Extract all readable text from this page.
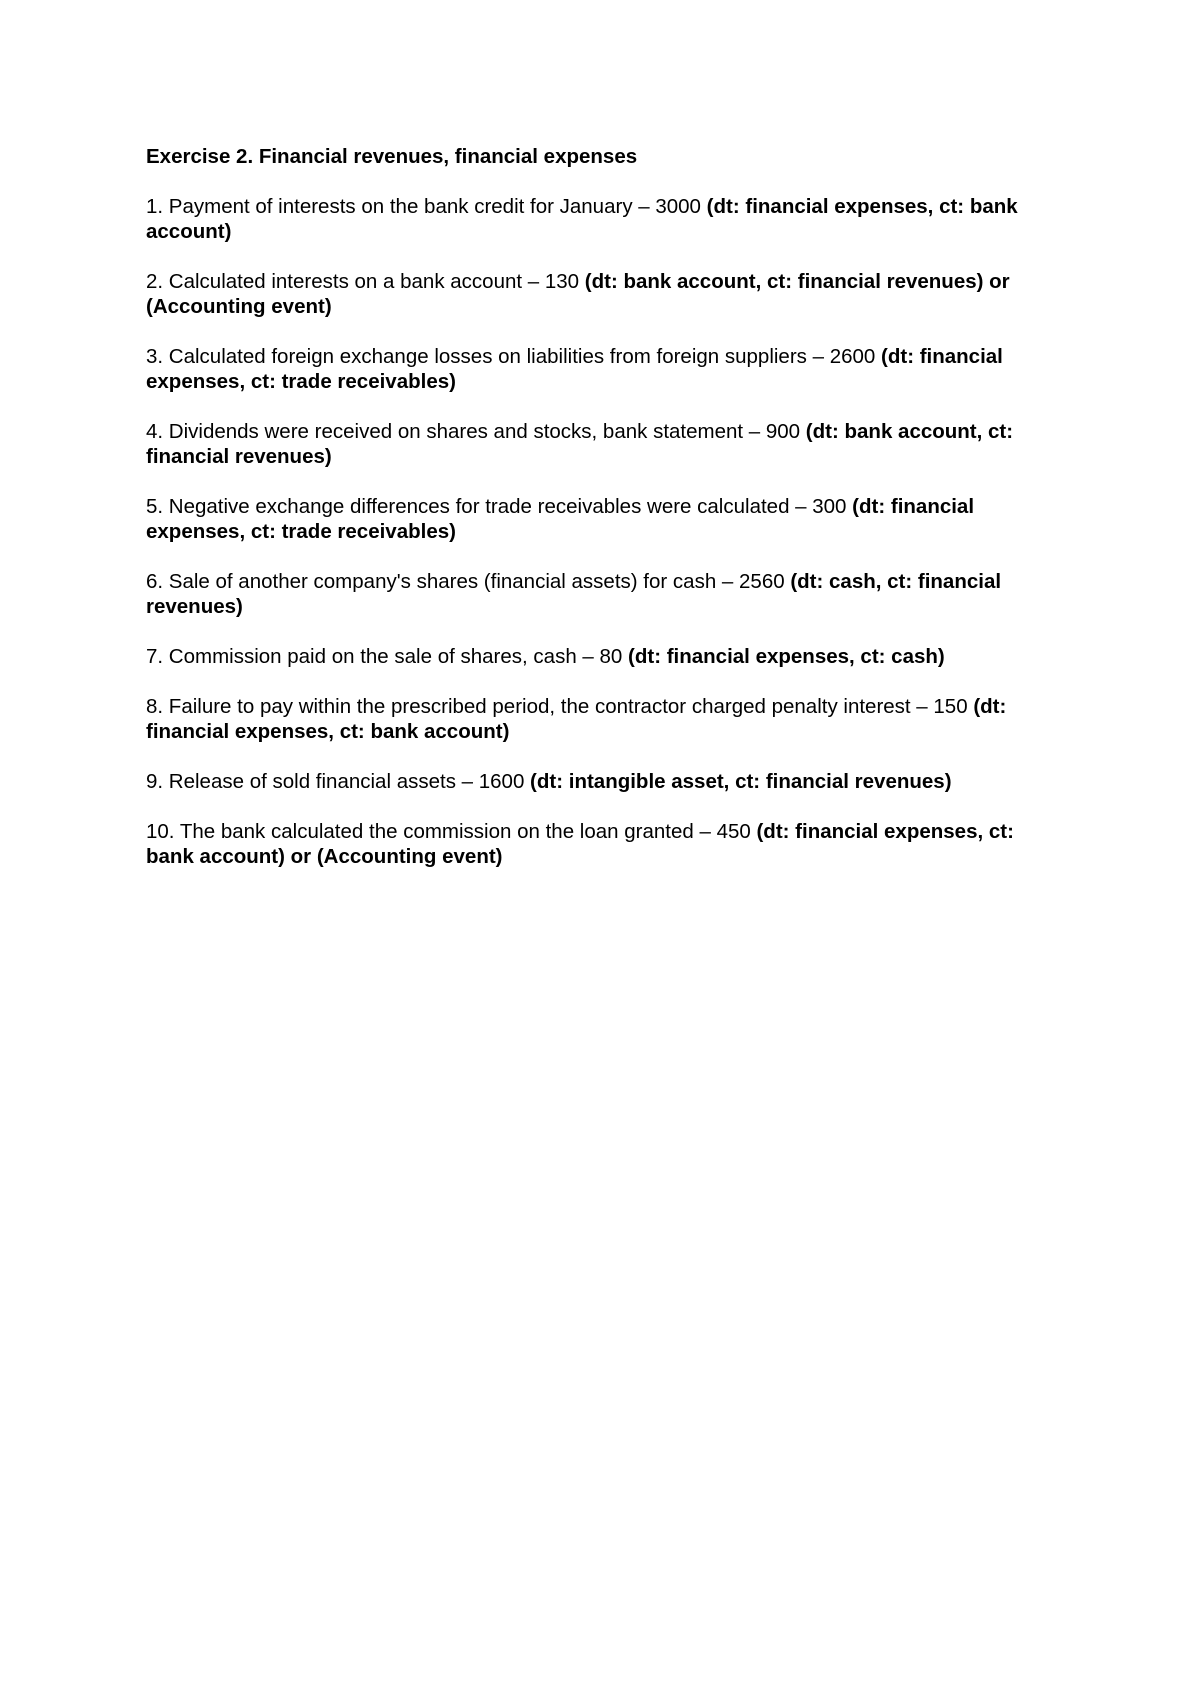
Exercise 2. Financial revenues, financial expenses

1. Payment of interests on the bank credit for January – 3000 (dt: financial expenses, ct: bank account)

2. Calculated interests on a bank account – 130 (dt: bank account, ct: financial revenues) or (Accounting event)

3. Calculated foreign exchange losses on liabilities from foreign suppliers – 2600 (dt: financial expenses, ct: trade receivables)

4. Dividends were received on shares and stocks, bank statement – 900 (dt: bank account, ct: financial revenues)

5. Negative exchange differences for trade receivables were calculated – 300 (dt: financial expenses, ct: trade receivables)

6. Sale of another company's shares (financial assets) for cash – 2560 (dt: cash, ct: financial revenues)

7. Commission paid on the sale of shares, cash – 80 (dt: financial expenses, ct: cash)

8. Failure to pay within the prescribed period, the contractor charged penalty interest – 150 (dt: financial expenses, ct: bank account)

9. Release of sold financial assets – 1600 (dt: intangible asset, ct: financial revenues)

10. The bank calculated the commission on the loan granted – 450 (dt: financial expenses, ct: bank account) or (Accounting event)
